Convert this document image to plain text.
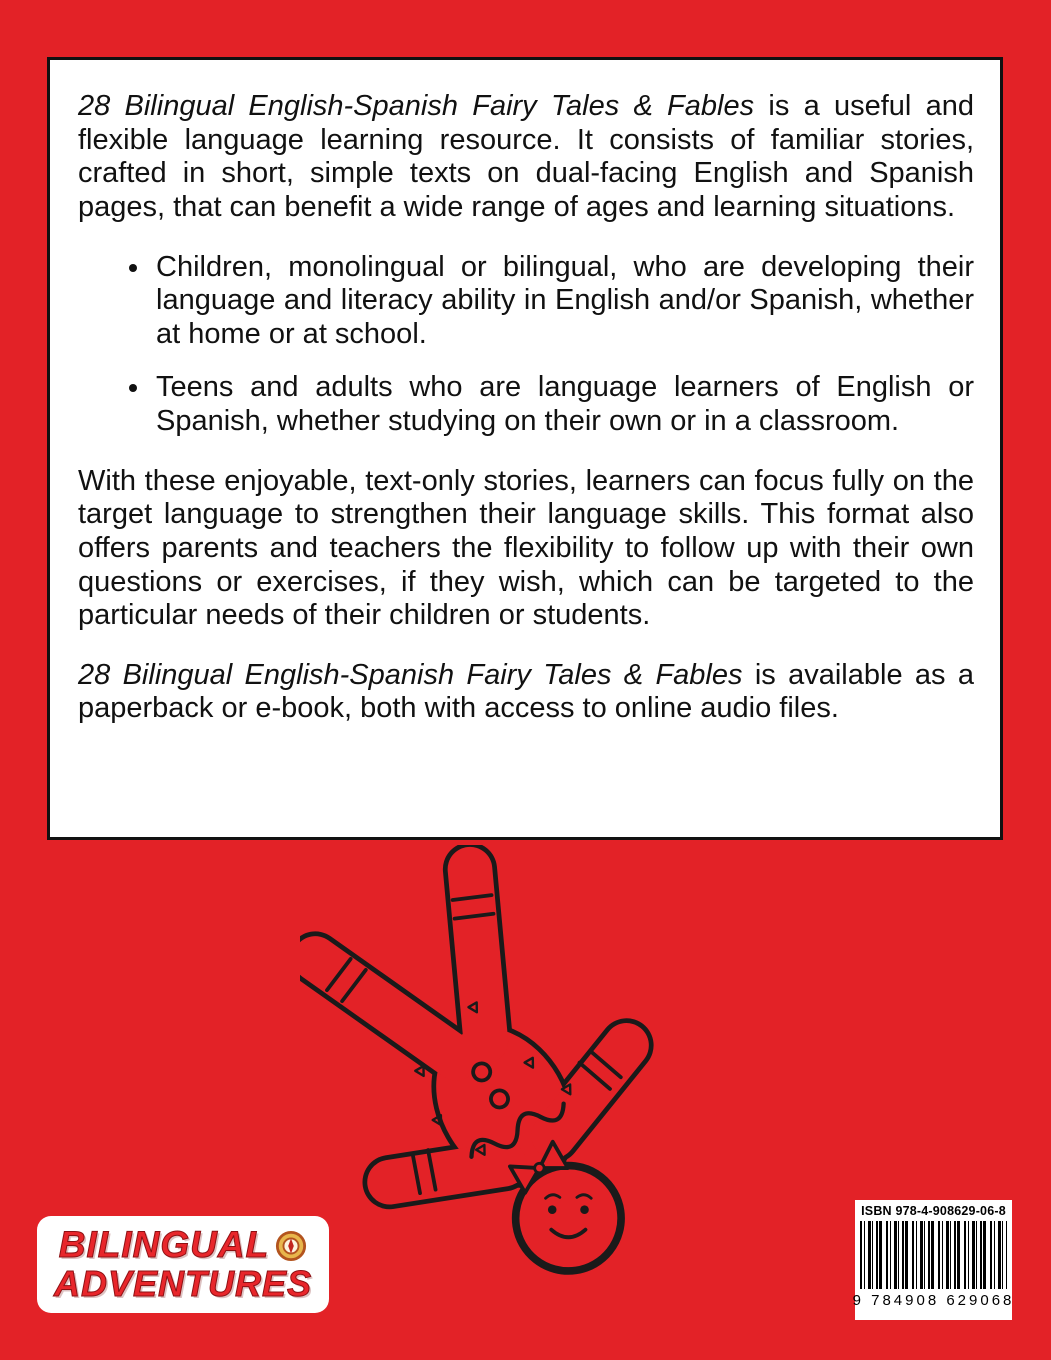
28 Bilingual English-Spanish Fairy Tales & Fables is a useful and flexible language learning resource. It consists of familiar stories, crafted in short, simple texts on dual-facing English and Spanish pages, that can benefit a wide range of ages and learning situations.

• Children, monolingual or bilingual, who are developing their language and literacy ability in English and/or Spanish, whether at home or at school.
• Teens and adults who are language learners of English or Spanish, whether studying on their own or in a classroom.

With these enjoyable, text-only stories, learners can focus fully on the target language to strengthen their language skills. This format also offers parents and teachers the flexibility to follow up with their own questions or exercises, if they wish, which can be targeted to the particular needs of their children or students.

28 Bilingual English-Spanish Fairy Tales & Fables is available as a paperback or e-book, both with access to online audio files.

BILINGUAL
ADVENTURES
ISBN 978-4-908629-06-8
9 784908 629068
